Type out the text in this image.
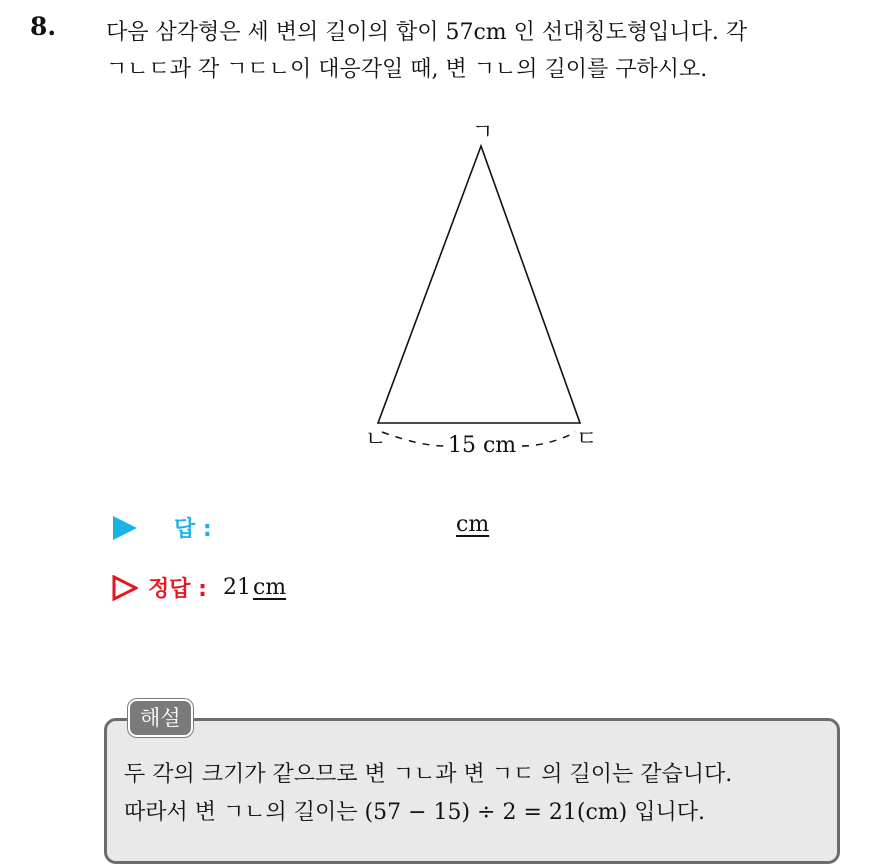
8. 다음 삼각형은 세 변의 길이의 합이 57cm 인 선대칭도형입니다. 각
ㄱㄴㄷ과 각 ㄱㄷㄴ이 대응각일 때, 변 ㄱㄴ의 길이를 구하시오.
ㄱ
ㄴ	ㄷ
15 cm
답 :	cm
정답 : 21 cm
해설
두 각의 크기가 같으므로 변 ㄱㄴ과 변 ㄱㄷ 의 길이는 같습니다.
따라서 변 ㄱㄴ의 길이는 (57 − 15) ÷ 2 = 21(cm) 입니다.
